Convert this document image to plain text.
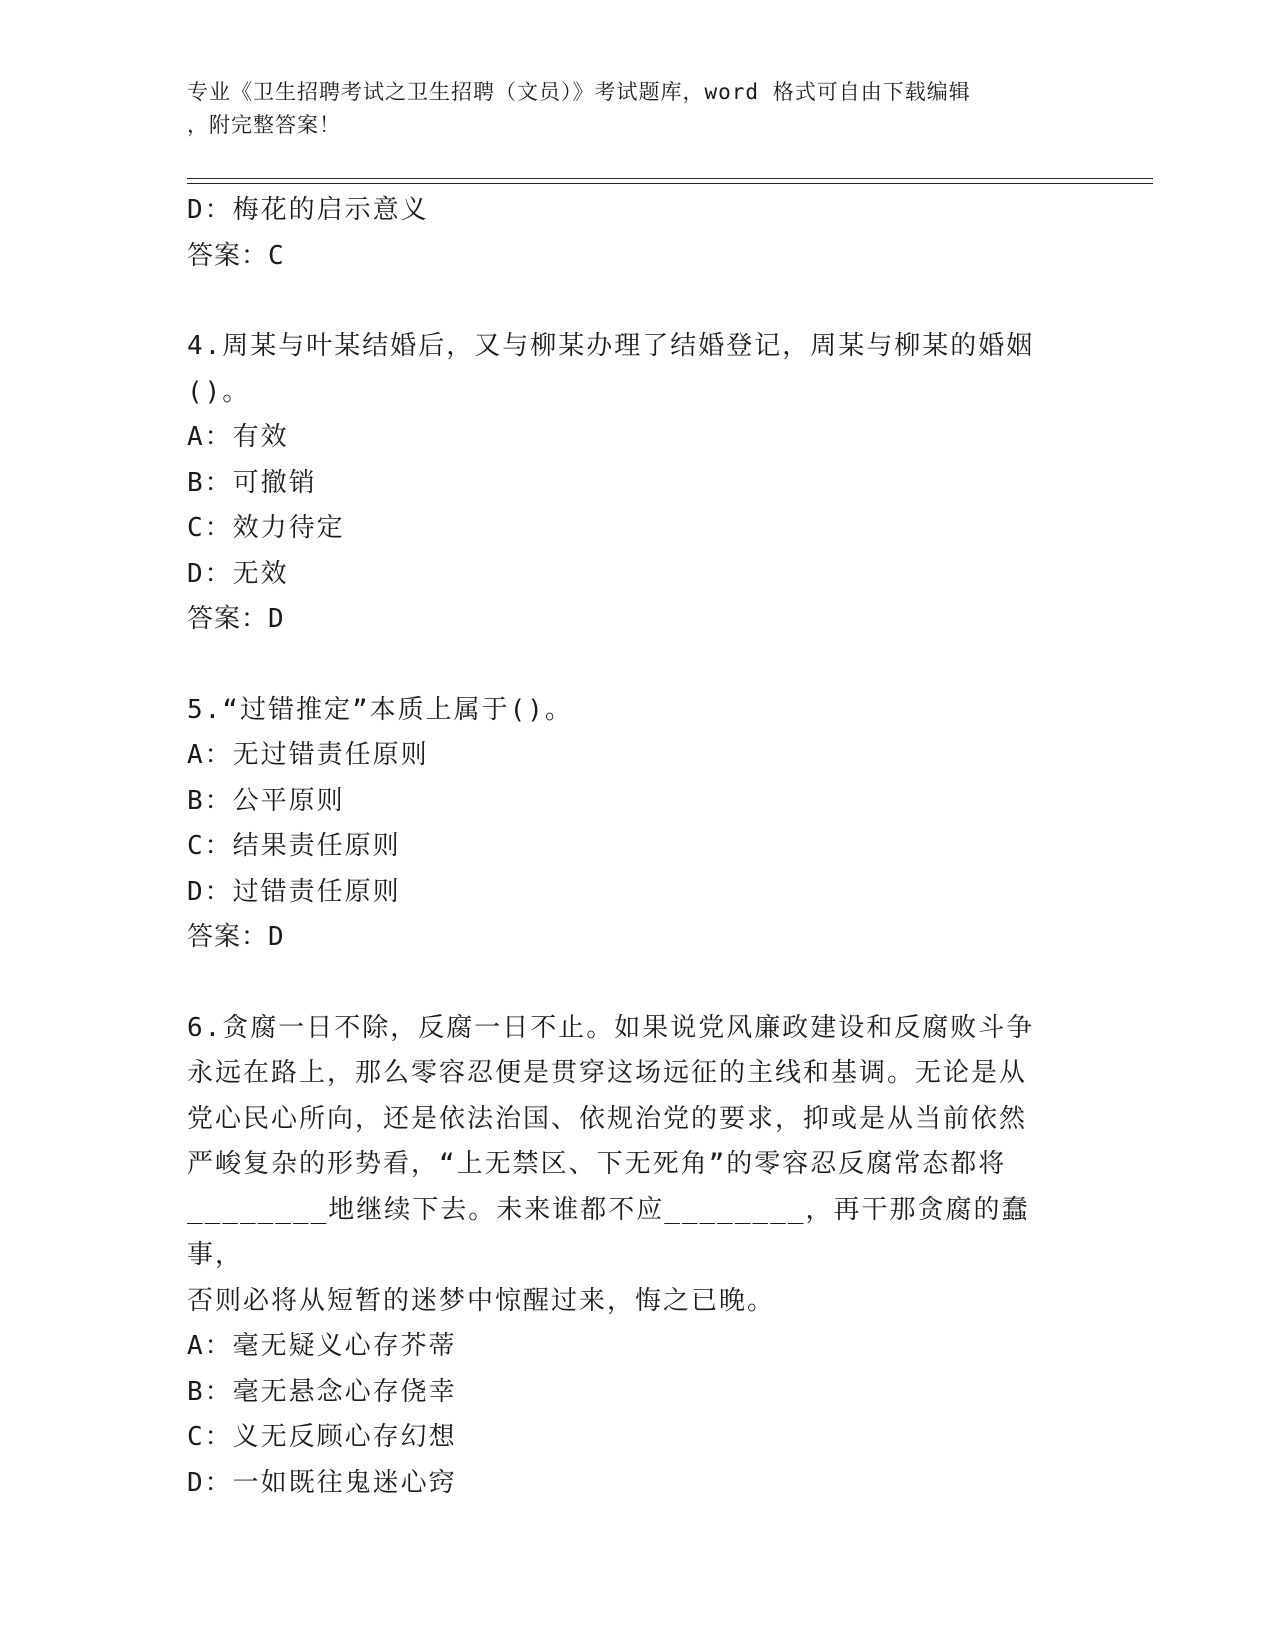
专业《卫生招聘考试之卫生招聘（文员）》考试题库，word 格式可自由下载编辑
，附完整答案！
D：梅花的启示意义
答案：C
4.周某与叶某结婚后，又与柳某办理了结婚登记，周某与柳某的婚姻
()。
A：有效
B：可撤销
C：效力待定
D：无效
答案：D
5.“过错推定”本质上属于()。
A：无过错责任原则
B：公平原则
C：结果责任原则
D：过错责任原则
答案：D
6.贪腐一日不除，反腐一日不止。如果说党风廉政建设和反腐败斗争
永远在路上，那么零容忍便是贯穿这场远征的主线和基调。无论是从
党心民心所向，还是依法治国、依规治党的要求，抑或是从当前依然
严峻复杂的形势看，“上无禁区、下无死角”的零容忍反腐常态都将
________地继续下去。未来谁都不应________，再干那贪腐的蠢事，
否则必将从短暂的迷梦中惊醒过来，悔之已晚。
A：毫无疑义心存芥蒂
B：毫无悬念心存侥幸
C：义无反顾心存幻想
D：一如既往鬼迷心窍
